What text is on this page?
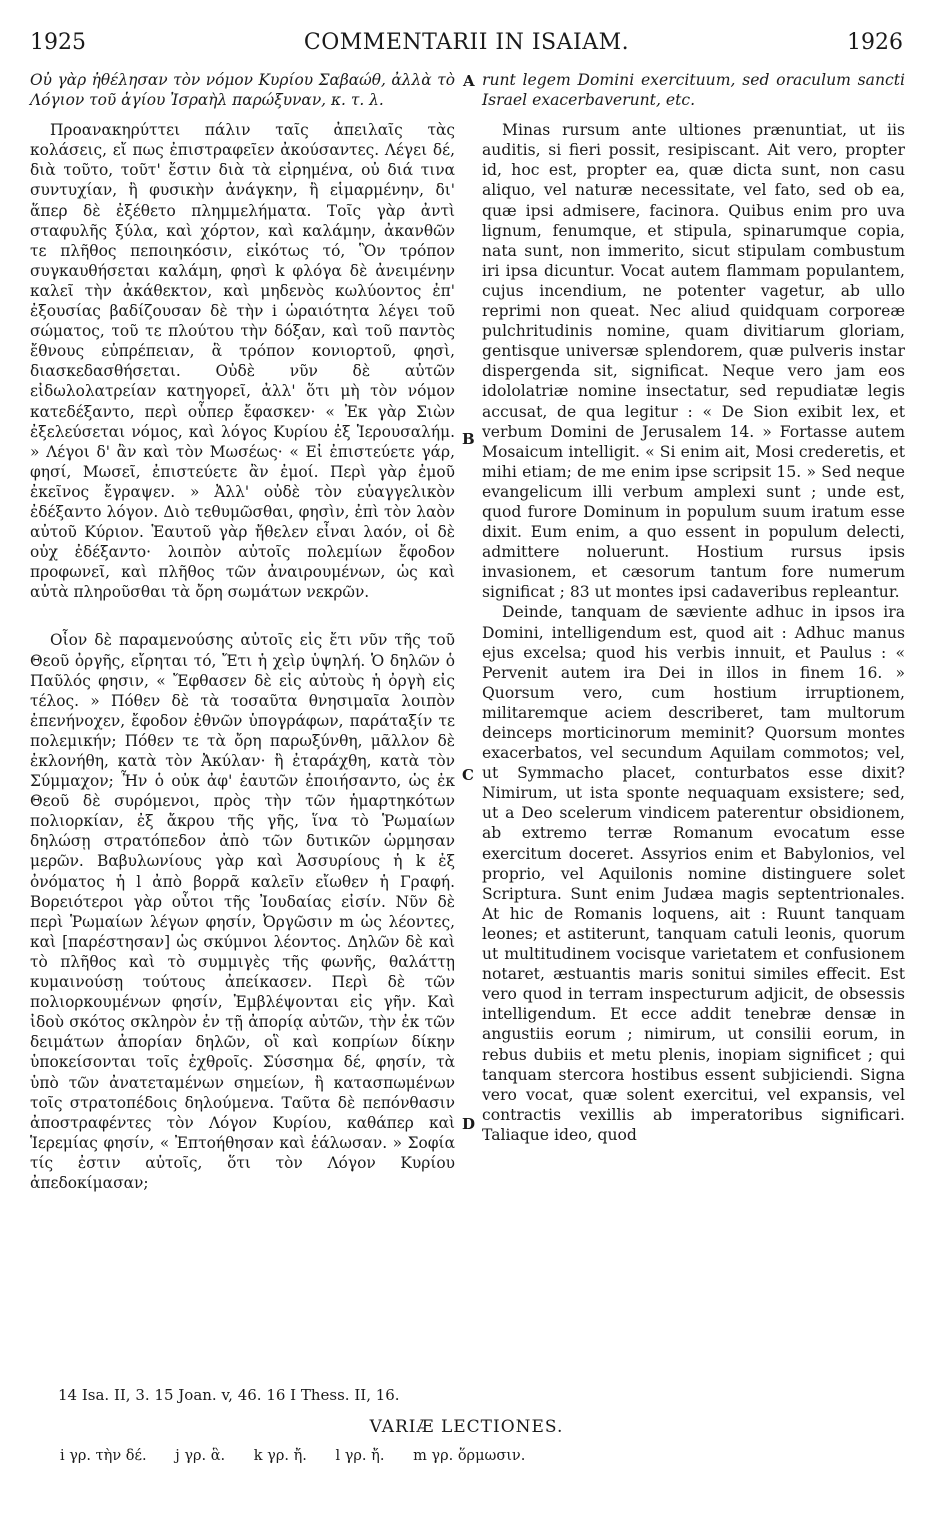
1925	COMMENTARII IN ISAIAM.	1926
A
B
C
D

Οὐ γὰρ ἠθέλησαν τὸν νόμον Κυρίου Σαβαώθ, ἀλλὰ τὸ Λόγιον τοῦ ἁγίου Ἰσραὴλ παρώξυναν, κ. τ. λ.

Προανακηρύττει πάλιν ταῖς ἀπειλαῖς τὰς κολάσεις, εἴ πως ἐπιστραφεῖεν ἀκούσαντες. Λέγει δέ, διὰ τοῦτο, τοῦτ' ἔστιν διὰ τὰ εἰρημένα, οὐ διά τινα συντυχίαν, ἢ φυσικὴν ἀνάγκην, ἢ εἱμαρμένην, δι' ἅπερ δὲ ἐξέθετο πλημμελήματα. Τοῖς γὰρ ἀντὶ σταφυλῆς ξύλα, καὶ χόρτον, καὶ καλάμην, ἀκανθῶν τε πλῆθος πεποιηκόσιν, εἰκότως τό, Ὃν τρόπον συγκαυθήσεται καλάμη, φησὶ k φλόγα δὲ ἀνειμένην καλεῖ τὴν ἀκάθεκτον, καὶ μηδενὸς κωλύοντος ἐπ' ἐξουσίας βαδίζουσαν δὲ τὴν i ὡραιότητα λέγει τοῦ σώματος, τοῦ τε πλούτου τὴν δόξαν, καὶ τοῦ παντὸς ἔθνους εὐπρέπειαν, ἃ τρόπον κονιορτοῦ, φησὶ, διασκεδασθήσεται. Οὐδὲ νῦν δὲ αὐτῶν εἰδωλολατρείαν κατηγορεῖ, ἀλλ' ὅτι μὴ τὸν νόμον κατεδέξαντο, περὶ οὗπερ ἔφασκεν· « Ἐκ γὰρ Σιὼν ἐξελεύσεται νόμος, καὶ λόγος Κυρίου ἐξ Ἱερουσαλήμ. » Λέγοι δ' ἂν καὶ τὸν Μωσέως· « Εἰ ἐπιστεύετε γάρ, φησί, Μωσεῖ, ἐπιστεύετε ἂν ἐμοί. Περὶ γὰρ ἐμοῦ ἐκεῖνος ἔγραψεν. » Ἀλλ' οὐδὲ τὸν εὐαγγελικὸν ἐδέξαντο λόγον. Διὸ τεθυμῶσθαι, φησὶν, ἐπὶ τὸν λαὸν αὐτοῦ Κύριον. Ἑαυτοῦ γὰρ ἤθελεν εἶναι λαόν, οἱ δὲ οὐχ ἐδέξαντο· λοιπὸν αὐτοῖς πολεμίων ἔφοδον προφωνεῖ, καὶ πλῆθος τῶν ἀναιρουμένων, ὡς καὶ αὐτὰ πληροῦσθαι τὰ ὄρη σωμάτων νεκρῶν.

Οἷον δὲ παραμενούσης αὐτοῖς εἰς ἔτι νῦν τῆς τοῦ Θεοῦ ὀργῆς, εἴρηται τό, Ἔτι ἡ χεὶρ ὑψηλή. Ὁ δηλῶν ὁ Παῦλός φησιν, « Ἔφθασεν δὲ εἰς αὐτοὺς ἡ ὀργὴ εἰς τέλος. » Πόθεν δὲ τὰ τοσαῦτα θνησιμαῖα λοιπὸν ἐπενήνοχεν, ἔφοδον ἐθνῶν ὑπογράφων, παράταξίν τε πολεμικήν; Πόθεν τε τὰ ὄρη παρωξύνθη, μᾶλλον δὲ ἐκλονήθη, κατὰ τὸν Ἀκύλαν· ἢ ἐταράχθη, κατὰ τὸν Σύμμαχον; Ἦν ὁ οὐκ ἀφ' ἑαυτῶν ἐποιήσαντο, ὡς ἐκ Θεοῦ δὲ συρόμενοι, πρὸς τὴν τῶν ἡμαρτηκότων πολιορκίαν, ἐξ ἄκρου τῆς γῆς, ἵνα τὸ Ῥωμαίων δηλώσῃ στρατόπεδον ἀπὸ τῶν δυτικῶν ὡρμησαν μερῶν. Βαβυλωνίους γὰρ καὶ Ἀσσυρίους ἡ k ἐξ ὀνόματος ἡ l ἀπὸ βορρᾶ καλεῖν εἴωθεν ἡ Γραφή. Βορειότεροι γὰρ οὗτοι τῆς Ἰουδαίας εἰσίν. Νῦν δὲ περὶ Ῥωμαίων λέγων φησίν, Ὀργῶσιν m ὡς λέοντες, καὶ [παρέστησαν] ὡς σκύμνοι λέοντος. Δηλῶν δὲ καὶ τὸ πλῆθος καὶ τὸ συμμιγὲς τῆς φωνῆς, θαλάττῃ κυμαινούσῃ τούτους ἀπείκασεν. Περὶ δὲ τῶν πολιορκουμένων φησίν, Ἐμβλέψονται εἰς γῆν. Καὶ ἰδοὺ σκότος σκληρὸν ἐν τῇ ἀπορίᾳ αὐτῶν, τὴν ἐκ τῶν δειμάτων ἀπορίαν δηλῶν, οἳ καὶ κοπρίων δίκην ὑποκείσονται τοῖς ἐχθροῖς. Σύσσημα δέ, φησίν, τὰ ὑπὸ τῶν ἀνατεταμένων σημείων, ἢ κατασπωμένων τοῖς στρατοπέδοις δηλούμενα. Ταῦτα δὲ πεπόνθασιν ἀποστραφέντες τὸν Λόγον Κυρίου, καθάπερ καὶ Ἱερεμίας φησίν, « Ἐπτοήθησαν καὶ ἑάλωσαν. » Σοφία τίς ἐστιν αὐτοῖς, ὅτι τὸν Λόγον Κυρίου ἀπεδοκίμασαν;

runt legem Domini exercituum, sed oraculum sancti Israel exacerbaverunt, etc.

Minas rursum ante ultiones prænuntiat, ut iis auditis, si fieri possit, resipiscant. Ait vero, propter id, hoc est, propter ea, quæ dicta sunt, non casu aliquo, vel naturæ necessitate, vel fato, sed ob ea, quæ ipsi admisere, facinora. Quibus enim pro uva lignum, fenumque, et stipula, spinarumque copia, nata sunt, non immerito, sicut stipulam combustum iri ipsa dicuntur. Vocat autem flammam populantem, cujus incendium, ne potenter vagetur, ab ullo reprimi non queat. Nec aliud quidquam corporeæ pulchritudinis nomine, quam divitiarum gloriam, gentisque universæ splendorem, quæ pulveris instar dispergenda sit, significat. Neque vero jam eos idololatriæ nomine insectatur, sed repudiatæ legis accusat, de qua legitur : « De Sion exibit lex, et verbum Domini de Jerusalem 14. » Fortasse autem Mosaicum intelligit. « Si enim ait, Mosi crederetis, et mihi etiam; de me enim ipse scripsit 15. » Sed neque evangelicum illi verbum amplexi sunt ; unde est, quod furore Dominum in populum suum iratum esse dixit. Eum enim, a quo essent in populum delecti, admittere noluerunt. Hostium rursus ipsis invasionem, et cæsorum tantum fore numerum significat ; 83 ut montes ipsi cadaveribus repleantur.

Deinde, tanquam de sæviente adhuc in ipsos ira Domini, intelligendum est, quod ait : Adhuc manus ejus excelsa; quod his verbis innuit, et Paulus : « Pervenit autem ira Dei in illos in finem 16. » Quorsum vero, cum hostium irruptionem, militaremque aciem describeret, tam multorum deinceps morticinorum meminit? Quorsum montes exacerbatos, vel secundum Aquilam commotos; vel, ut Symmacho placet, conturbatos esse dixit? Nimirum, ut ista sponte nequaquam exsistere; sed, ut a Deo scelerum vindicem paterentur obsidionem, ab extremo terræ Romanum evocatum esse exercitum doceret. Assyrios enim et Babylonios, vel proprio, vel Aquilonis nomine distinguere solet Scriptura. Sunt enim Judæa magis septentrionales. At hic de Romanis loquens, ait : Ruunt tanquam leones; et astiterunt, tanquam catuli leonis, quorum ut multitudinem vocisque varietatem et confusionem notaret, æstuantis maris sonitui similes effecit. Est vero quod in terram inspecturum adjicit, de obsessis intelligendum. Et ecce addit tenebræ densæ in angustiis eorum ; nimirum, ut consilii eorum, in rebus dubiis et metu plenis, inopiam significet ; qui tanquam stercora hostibus essent subjiciendi. Signa vero vocat, quæ solent exercitui, vel expansis, vel contractis vexillis ab imperatoribus significari. Taliaque ideo, quod

14 Isa. II, 3. 15 Joan. v, 46. 16 I Thess. II, 16.
VARIÆ LECTIONES.
i γρ. τὴν δέ. j γρ. ἃ. k γρ. ἤ. l γρ. ἤ. m γρ. ὅρμωσιν.
